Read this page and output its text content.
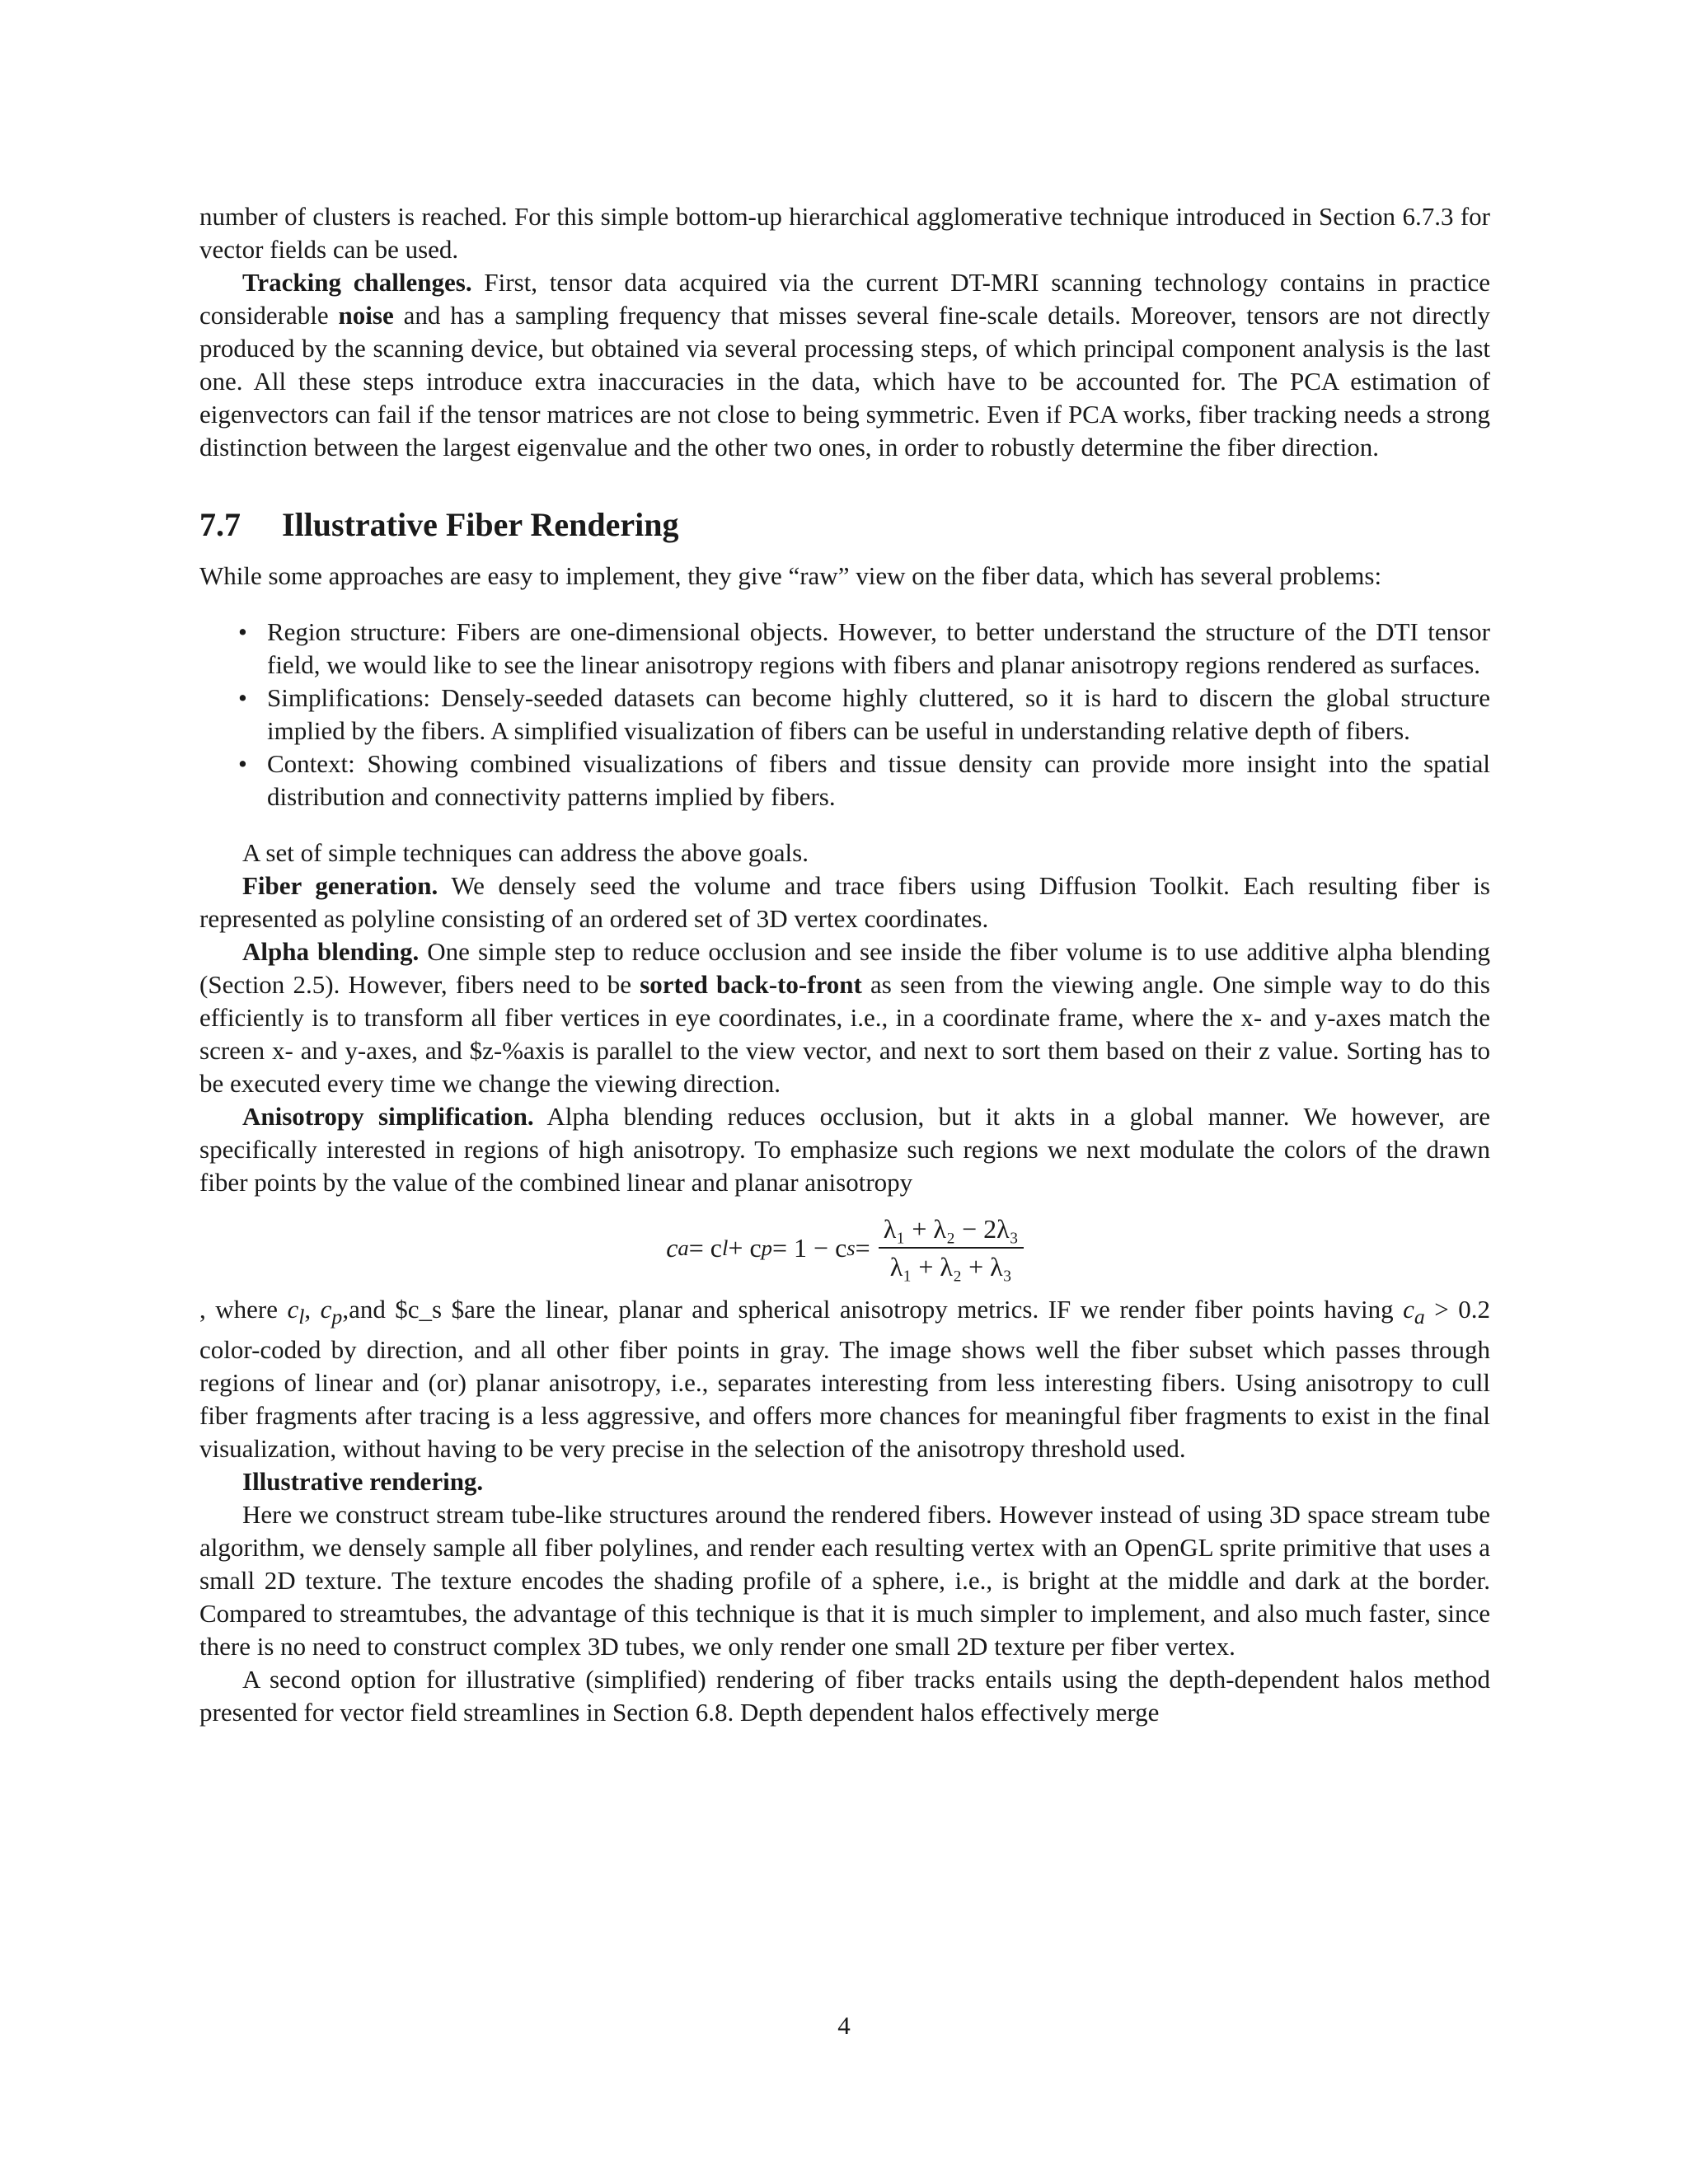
number of clusters is reached. For this simple bottom-up hierarchical agglomerative technique introduced in Section 6.7.3 for vector fields can be used.

Tracking challenges. First, tensor data acquired via the current DT-MRI scanning technology contains in practice considerable noise and has a sampling frequency that misses several fine-scale details. Moreover, tensors are not directly produced by the scanning device, but obtained via several processing steps, of which principal component analysis is the last one. All these steps introduce extra inaccuracies in the data, which have to be accounted for. The PCA estimation of eigenvectors can fail if the tensor matrices are not close to being symmetric. Even if PCA works, fiber tracking needs a strong distinction between the largest eigenvalue and the other two ones, in order to robustly determine the fiber direction.

7.7 Illustrative Fiber Rendering

While some approaches are easy to implement, they give “raw” view on the fiber data, which has several problems:

• Region structure: Fibers are one-dimensional objects. However, to better understand the structure of the DTI tensor field, we would like to see the linear anisotropy regions with fibers and planar anisotropy regions rendered as surfaces.
• Simplifications: Densely-seeded datasets can become highly cluttered, so it is hard to discern the global structure implied by the fibers. A simplified visualization of fibers can be useful in understanding relative depth of fibers.
• Context: Showing combined visualizations of fibers and tissue density can provide more insight into the spatial distribution and connectivity patterns implied by fibers.

A set of simple techniques can address the above goals.

Fiber generation. We densely seed the volume and trace fibers using Diffusion Toolkit. Each resulting fiber is represented as polyline consisting of an ordered set of 3D vertex coordinates.

Alpha blending. One simple step to reduce occlusion and see inside the fiber volume is to use additive alpha blending (Section 2.5). However, fibers need to be sorted back-to-front as seen from the viewing angle. One simple way to do this efficiently is to transform all fiber vertices in eye coordinates, i.e., in a coordinate frame, where the x- and y-axes match the screen x- and y-axes, and $z-%axis is parallel to the view vector, and next to sort them based on their z value. Sorting has to be executed every time we change the viewing direction.

Anisotropy simplification. Alpha blending reduces occlusion, but it akts in a global manner. We however, are specifically interested in regions of high anisotropy. To emphasize such regions we next modulate the colors of the drawn fiber points by the value of the combined linear and planar anisotropy

c a = c l + c p = 1 − c $s = \frac{\text{λ₁ + λ₂ − 2λ₃}}{\text{λ₁ + λ₂ + λ₃}}$

, where $c_l$, $c_p,and$ $c_s $are the linear, planar and spherical anisotropy metrics. IF we render fiber points having $c_a > 0.2$ color-coded by direction, and all other fiber points in gray. The image shows well the fiber subset which passes through regions of linear and (or) planar anisotropy, i.e., separates interesting from less interesting fibers. Using anisotropy to cull fiber fragments after tracing is a less aggressive, and offers more chances for meaningful fiber fragments to exist in the final visualization, without having to be very precise in the selection of the anisotropy threshold used.

Illustrative rendering.

Here we construct stream tube-like structures around the rendered fibers. However instead of using 3D space stream tube algorithm, we densely sample all fiber polylines, and render each resulting vertex with an OpenGL sprite primitive that uses a small 2D texture. The texture encodes the shading profile of a sphere, i.e., is bright at the middle and dark at the border. Compared to streamtubes, the advantage of this technique is that it is much simpler to implement, and also much faster, since there is no need to construct complex 3D tubes, we only render one small 2D texture per fiber vertex.

A second option for illustrative (simplified) rendering of fiber tracks entails using the depth-dependent halos method presented for vector field streamlines in Section 6.8. Depth dependent halos effectively merge

4
